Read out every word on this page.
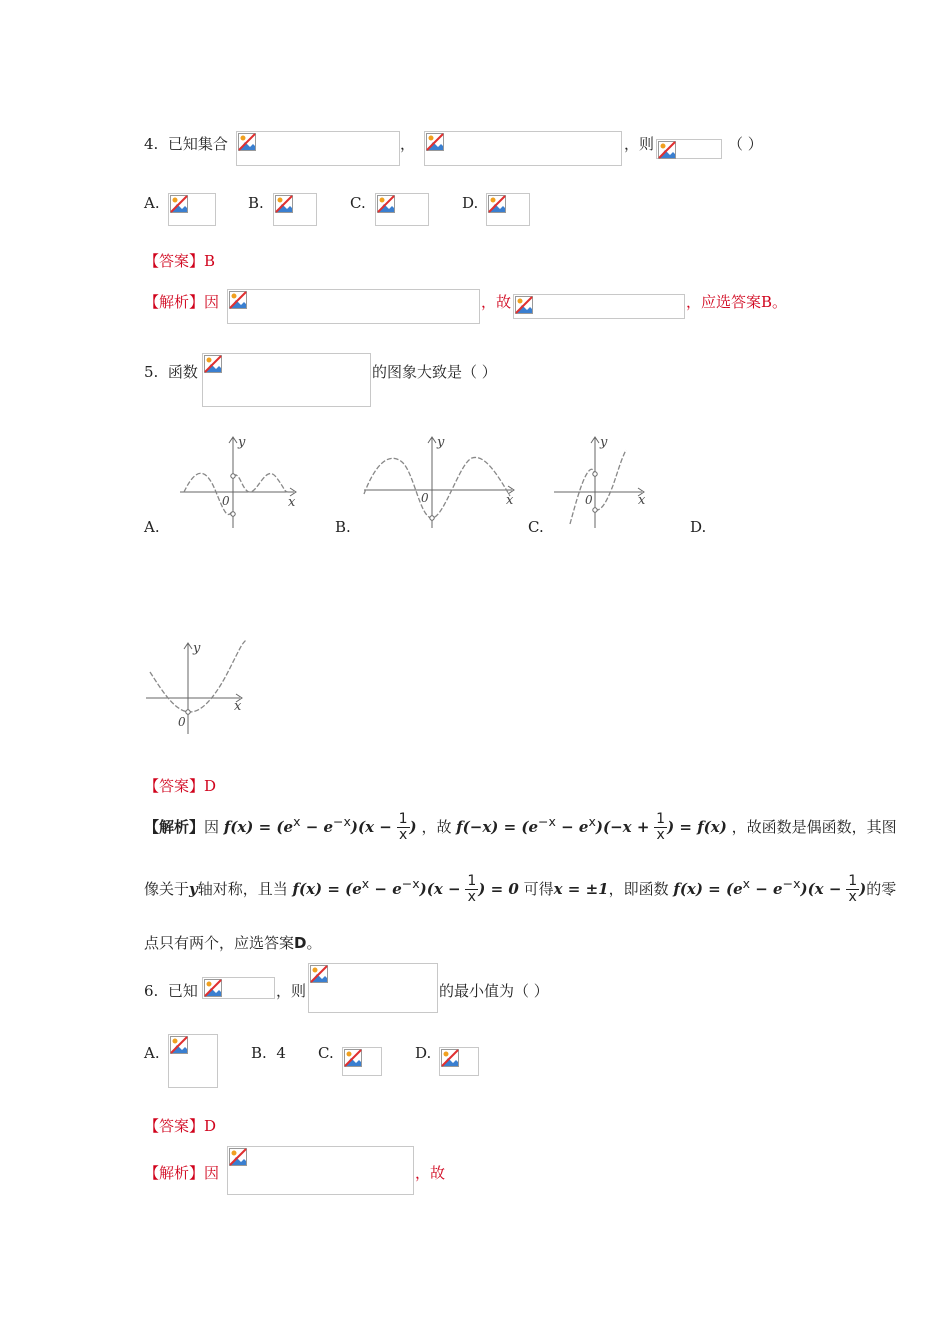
4. 已知集合	，	，则	（ ）
A.	B.	C.	D.
【答案】B
【解析】因	，故	，应选答案B。
5. 函数	的图象大致是（ ）
y
x
0
A.
y
x
0
B.
y
x
0
C.	D.
y
x
0
【答案】D
【解析】因 $f(x) = (e^x - e^{-x})(x - \frac{1}{x}$ ) ，故 $f(-x) = (e^{-x} - e^x)(-x + \frac{1}{x}$ ) = f(x) ，故函数是偶函数，其图
像关于y轴对称，且当 $f(x) = (e^x - e^{-x})(x - \frac{1}{x}$ ) = 0 可得x = ±1，即函数 $f(x) = (e^x - e^{-x})(x - \frac{1}{x}$ )的零
点只有两个，应选答案D。
6. 已知	，则	的最小值为（ ）
A.	B. 4 C.	D.
【答案】D
【解析】因	，故
